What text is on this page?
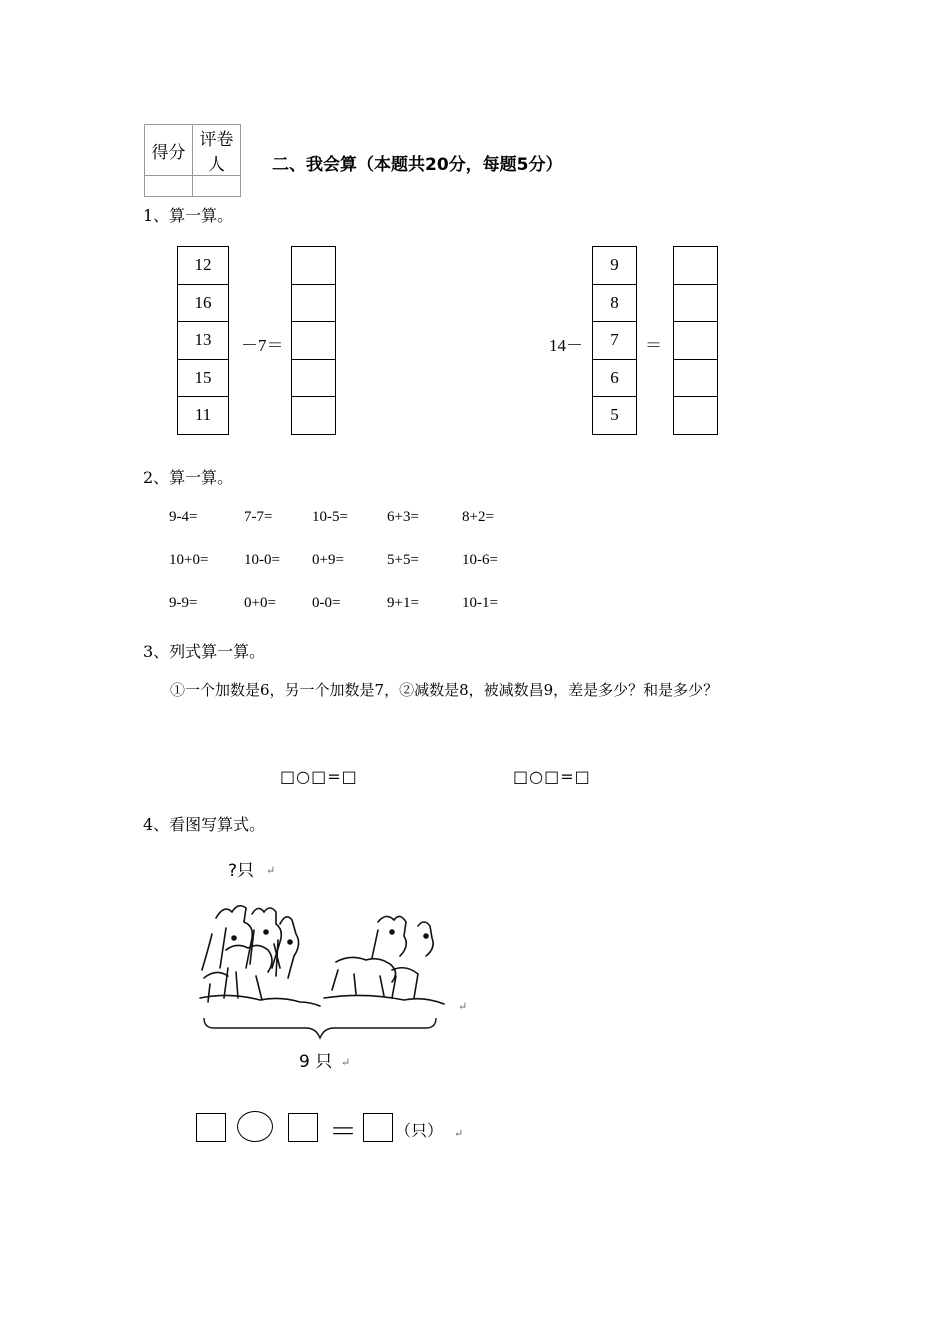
得分	评卷人
		二、我会算（本题共20分，每题5分）
1、算一算。
12
16
13
15
11
－7＝	14－
9
8
7
6
5
＝
2、算一算。
9-4=	7-7=	10-5=	6+3=	8+2=
10+0= 10-0= 0+9=	5+5=	10-6=
9-9=	0+0= 0-0=	9+1=	10-1=
3、列式算一算。
①一个加数是6，另一个加数是7，②减数是8，被减数昌9，差是多少？和是多少？
□○□=□	□○□=□
4、看图写算式。
?只 ↵
↵
9 只 ↵
＝ （只） ↵
